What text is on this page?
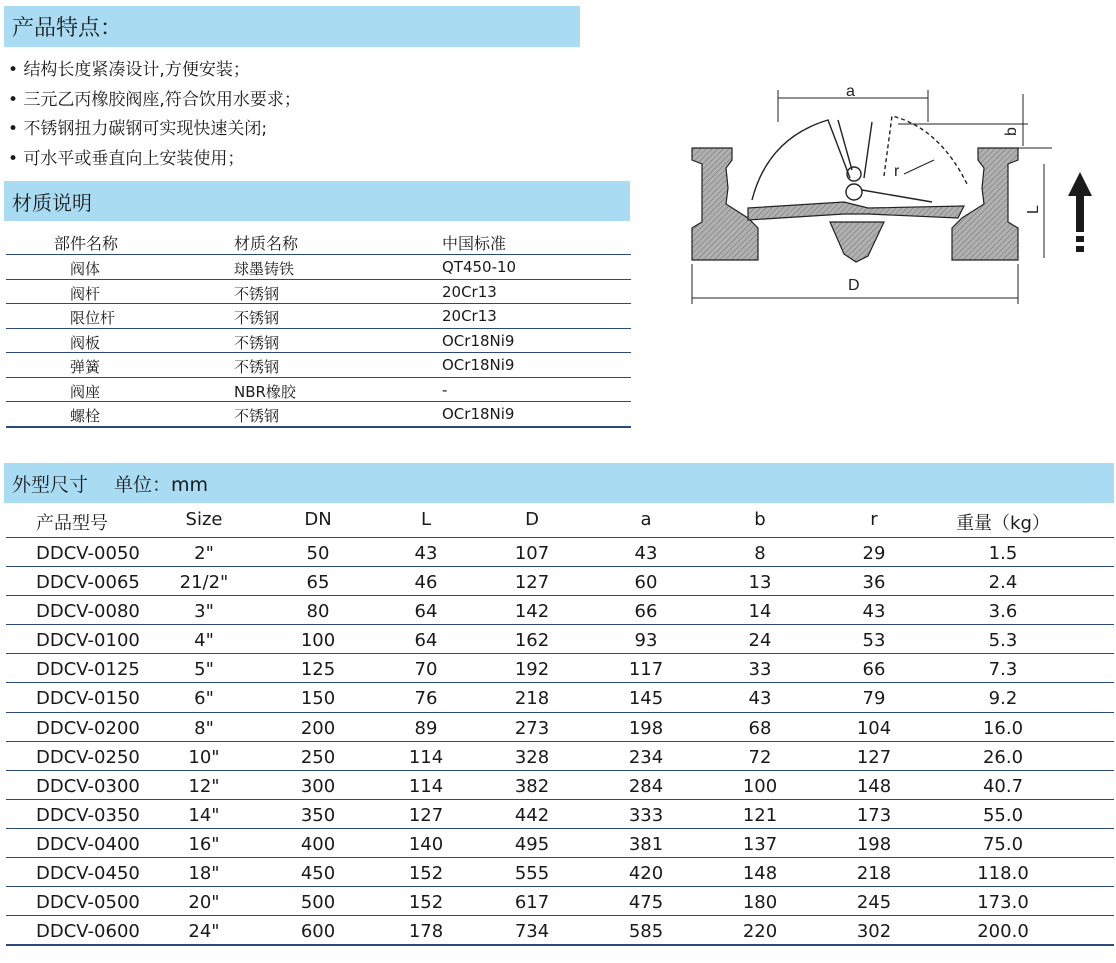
产品特点：
• 结构长度紧凑设计,方便安装；
• 三元乙丙橡胶阀座,符合饮用水要求；
• 不锈钢扭力碳钢可实现快速关闭;
• 可水平或垂直向上安装使用；
材质说明
部件名称	材质名称	中国标准
阀体	球墨铸铁	QT450-10
阀杆	不锈钢	20Cr13
限位杆	不锈钢	20Cr13
阀板	不锈钢	OCr18Ni9
弹簧	不锈钢	OCr18Ni9
阀座	NBR橡胶	-
螺栓	不锈钢	OCr18Ni9
a
b
r
L
D
外型尺寸 单位：mm
产品型号	Size	DN	L	D	a	b	r	重量（kg）
DDCV-0050	2"	50	43	107	43	8	29	1.5
DDCV-0065	21/2"	65	46	127	60	13	36	2.4
DDCV-0080	3"	80	64	142	66	14	43	3.6
DDCV-0100	4"	100	64	162	93	24	53	5.3
DDCV-0125	5"	125	70	192	117	33	66	7.3
DDCV-0150	6"	150	76	218	145	43	79	9.2
DDCV-0200	8"	200	89	273	198	68	104	16.0
DDCV-0250	10"	250	114	328	234	72	127	26.0
DDCV-0300	12"	300	114	382	284	100	148	40.7
DDCV-0350	14"	350	127	442	333	121	173	55.0
DDCV-0400	16"	400	140	495	381	137	198	75.0
DDCV-0450	18"	450	152	555	420	148	218	118.0
DDCV-0500	20"	500	152	617	475	180	245	173.0
DDCV-0600	24"	600	178	734	585	220	302	200.0
